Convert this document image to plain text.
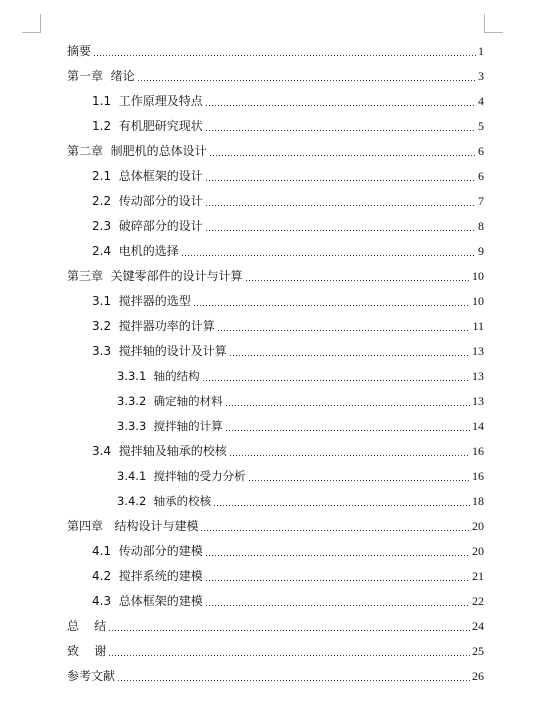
摘要	1
第一章  绪论	3
1.1  工作原理及特点	4
1.2  有机肥研究现状	5
第二章  制肥机的总体设计	6
2.1  总体框架的设计	6
2.2  传动部分的设计	7
2.3  破碎部分的设计	8
2.4  电机的选择	9
第三章  关键零部件的设计与计算	10
3.1  搅拌器的选型	10
3.2  搅拌器功率的计算	11
3.3  搅拌轴的设计及计算	13
3.3.1  轴的结构	13
3.3.2  确定轴的材料	13
3.3.3  搅拌轴的计算	14
3.4  搅拌轴及轴承的校核	16
3.4.1  搅拌轴的受力分析	16
3.4.2  轴承的校核	18
第四章   结构设计与建模	20
4.1  传动部分的建模	20
4.2  搅拌系统的建模	21
4.3  总体框架的建模	22
总    结	24
致    谢	25
参考文献	26
